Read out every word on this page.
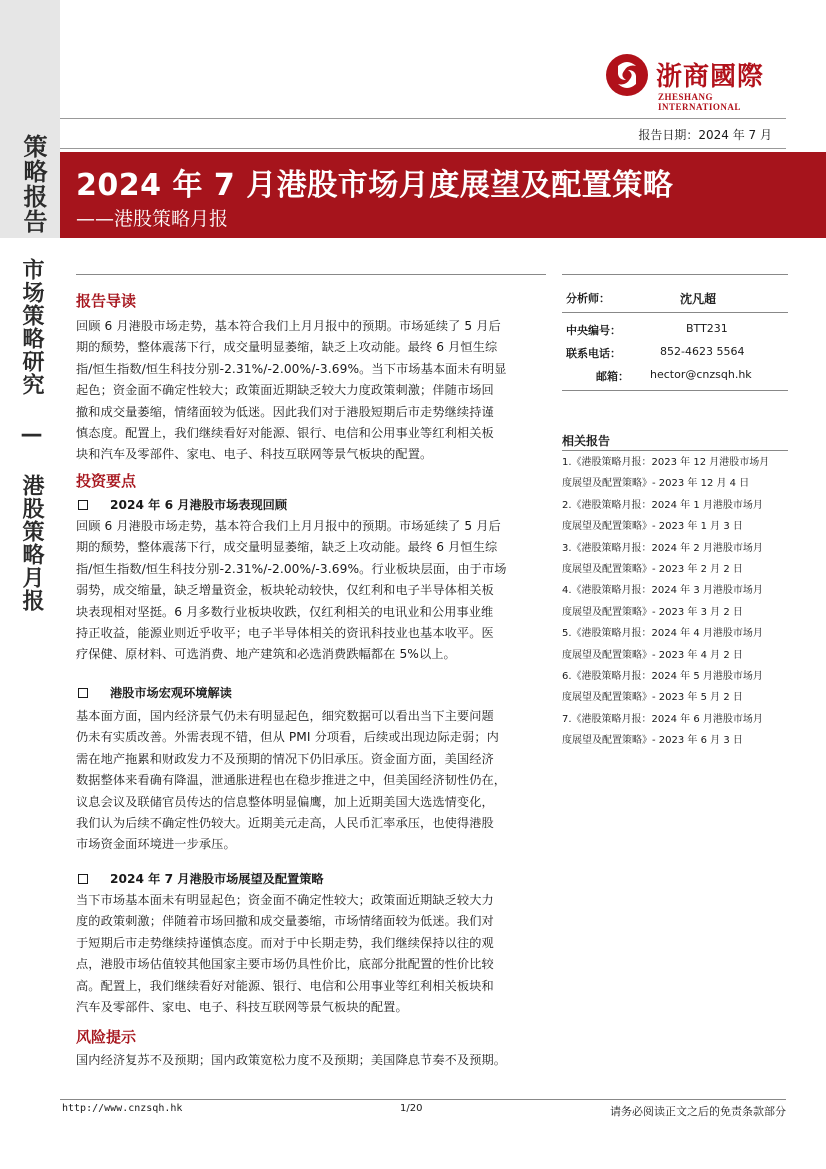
策略报告
市场策略研究 — 港股策略月报
浙商國際
ZHESHANG INTERNATIONAL
报告日期：2024 年 7 月
2024 年 7 月港股市场月度展望及配置策略
——港股策略月报
报告导读
回顾 6 月港股市场走势，基本符合我们上月月报中的预期。市场延续了 5 月后
期的颓势，整体震荡下行，成交量明显萎缩，缺乏上攻动能。最终 6 月恒生综
指/恒生指数/恒生科技分别-2.31%/-2.00%/-3.69%。当下市场基本面未有明显
起色；资金面不确定性较大；政策面近期缺乏较大力度政策刺激；伴随市场回
撤和成交量萎缩，情绪面较为低迷。因此我们对于港股短期后市走势继续持谨
慎态度。配置上，我们继续看好对能源、银行、电信和公用事业等红利相关板
块和汽车及零部件、家电、电子、科技互联网等景气板块的配置。
投资要点
2024 年 6 月港股市场表现回顾
回顾 6 月港股市场走势，基本符合我们上月月报中的预期。市场延续了 5 月后
期的颓势，整体震荡下行，成交量明显萎缩，缺乏上攻动能。最终 6 月恒生综
指/恒生指数/恒生科技分别-2.31%/-2.00%/-3.69%。行业板块层面，由于市场
弱势，成交缩量，缺乏增量资金，板块轮动较快，仅红利和电子半导体相关板
块表现相对坚挺。6 月多数行业板块收跌，仅红利相关的电讯业和公用事业维
持正收益，能源业则近乎收平；电子半导体相关的资讯科技业也基本收平。医
疗保健、原材料、可选消费、地产建筑和必选消费跌幅都在 5%以上。
港股市场宏观环境解读
基本面方面，国内经济景气仍未有明显起色，细究数据可以看出当下主要问题
仍未有实质改善。外需表现不错，但从 PMI 分项看，后续或出现边际走弱；内
需在地产拖累和财政发力不及预期的情况下仍旧承压。资金面方面，美国经济
数据整体来看确有降温，泄通胀进程也在稳步推进之中，但美国经济韧性仍在，
议息会议及联储官员传达的信息整体明显偏鹰，加上近期美国大选选情变化，
我们认为后续不确定性仍较大。近期美元走高，人民币汇率承压，也使得港股
市场资金面环境进一步承压。
2024 年 7 月港股市场展望及配置策略
当下市场基本面未有明显起色；资金面不确定性较大；政策面近期缺乏较大力
度的政策刺激；伴随着市场回撤和成交量萎缩，市场情绪面较为低迷。我们对
于短期后市走势继续持谨慎态度。而对于中长期走势，我们继续保持以往的观
点，港股市场估值较其他国家主要市场仍具性价比，底部分批配置的性价比较
高。配置上，我们继续看好对能源、银行、电信和公用事业等红利相关板块和
汽车及零部件、家电、电子、科技互联网等景气板块的配置。
风险提示
国内经济复苏不及预期；国内政策宽松力度不及预期；美国降息节奏不及预期。
分析师：	沈凡超
中央编号：	BTT231
联系电话：	852-4623 5564
邮箱： hector@cnzsqh.hk
相关报告
1.《港股策略月报：2023 年 12 月港股市场月
度展望及配置策略》- 2023 年 12 月 4 日
2.《港股策略月报：2024 年 1 月港股市场月
度展望及配置策略》- 2023 年 1 月 3 日
3.《港股策略月报：2024 年 2 月港股市场月
度展望及配置策略》- 2023 年 2 月 2 日
4.《港股策略月报：2024 年 3 月港股市场月
度展望及配置策略》- 2023 年 3 月 2 日
5.《港股策略月报：2024 年 4 月港股市场月
度展望及配置策略》- 2023 年 4 月 2 日
6.《港股策略月报：2024 年 5 月港股市场月
度展望及配置策略》- 2023 年 5 月 2 日
7.《港股策略月报：2024 年 6 月港股市场月
度展望及配置策略》- 2023 年 6 月 3 日
http://www.cnzsqh.hk	1/20	请务必阅读正文之后的免责条款部分
